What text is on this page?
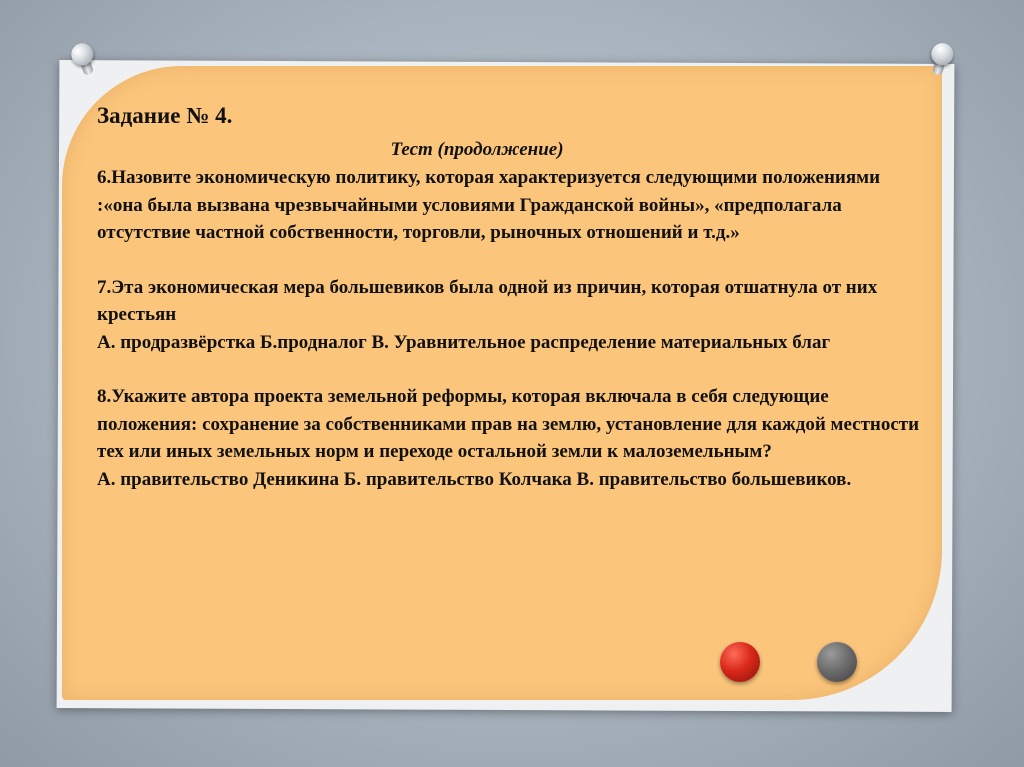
Задание № 4.
Тест (продолжение)

6.Назовите экономическую политику, которая характеризуется следующими положениями :«она была вызвана чрезвычайными условиями Гражданской войны», «предполагала отсутствие частной собственности, торговли, рыночных отношений и т.д.»

7.Эта экономическая мера большевиков была одной из причин, которая отшатнула от них крестьян

А. продразвёрстка Б.продналог В. Уравнительное распределение материальных благ

8.Укажите автора проекта земельной реформы, которая включала в себя следующие положения: сохранение за собственниками прав на землю, установление для каждой местности тех или иных земельных норм и переходе остальной земли к малоземельным?

А. правительство Деникина Б. правительство Колчака В. правительство большевиков.
